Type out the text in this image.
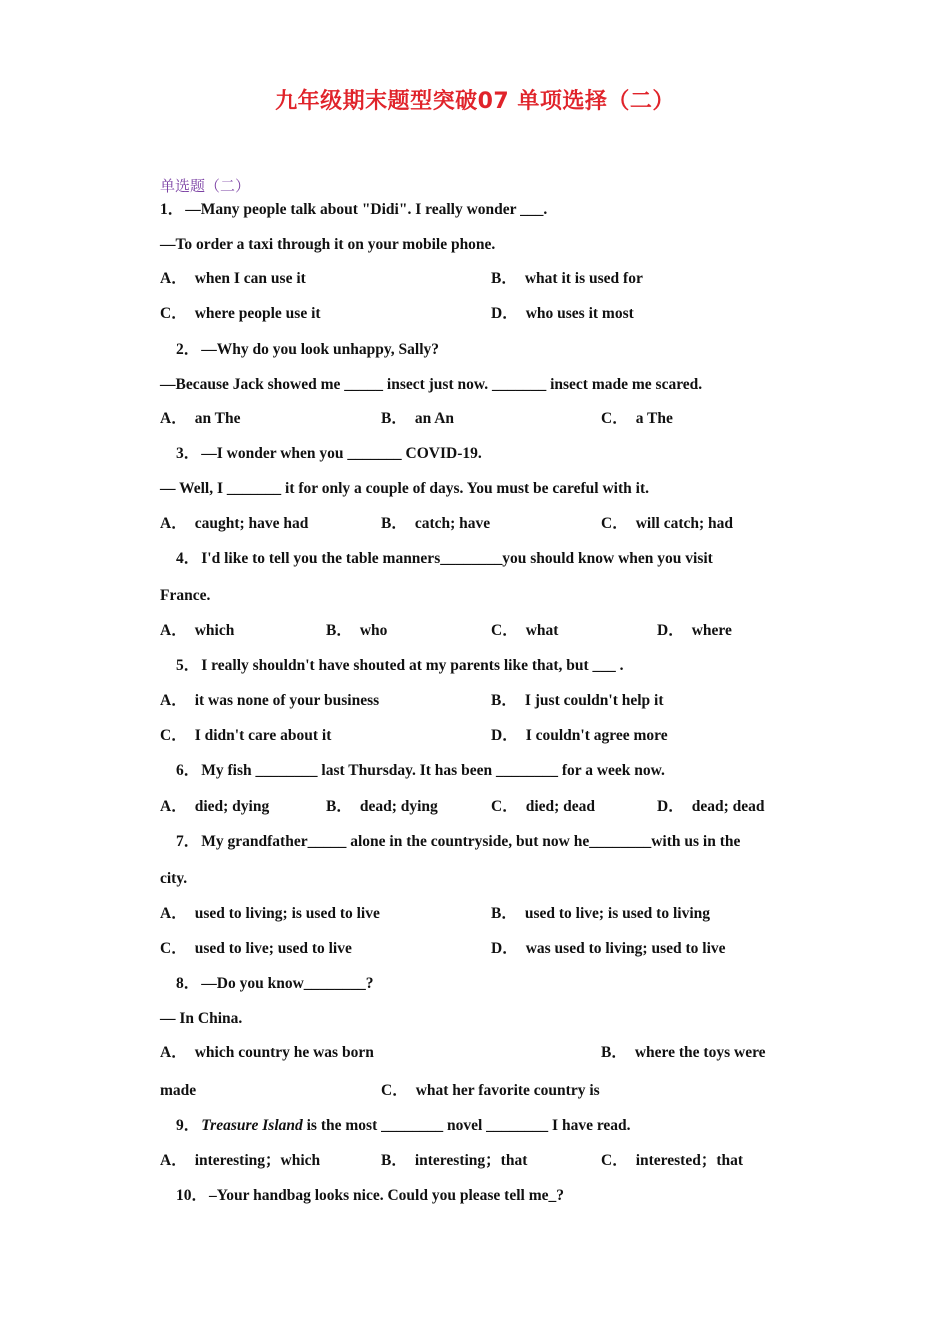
九年级期末题型突破07 单项选择（二）
单选题（二）
1． —Many people talk about "Didi". I really wonder ___.
—To order a taxi through it on your mobile phone.
A． when I can use it	B． what it is used for
C． where people use it	D． who uses it most
2． —Why do you look unhappy, Sally?
—Because Jack showed me _____ insect just now. _______ insect made me scared.
A． an The	B． an An	C． a The
3． —I wonder when you _______ COVID-19.
— Well, I _______ it for only a couple of days. You must be careful with it.
A． caught; have had	B． catch; have	C． will catch; had
4． I'd like to tell you the table manners________you should know when you visit
France.
A． which	B． who	C． what	D． where
5． I really shouldn't have shouted at my parents like that, but ___ .
A． it was none of your business	B． I just couldn't help it
C． I didn't care about it	D． I couldn't agree more
6． My fish ________ last Thursday. It has been ________ for a week now.
A． died; dying	B． dead; dying	C． died; dead	D． dead; dead
7． My grandfather_____ alone in the countryside, but now he________with us in the
city.
A． used to living; is used to live	B． used to live; is used to living
C． used to live; used to live	D． was used to living; used to live
8． —Do you know________?
— In China.
A． which country he was born	B． where the toys were
made	C． what her favorite country is
9． Treasure Island is the most ________ novel ________ I have read.
A． interesting；which	B． interesting；that	C． interested；that
10． –Your handbag looks nice. Could you please tell me_?
